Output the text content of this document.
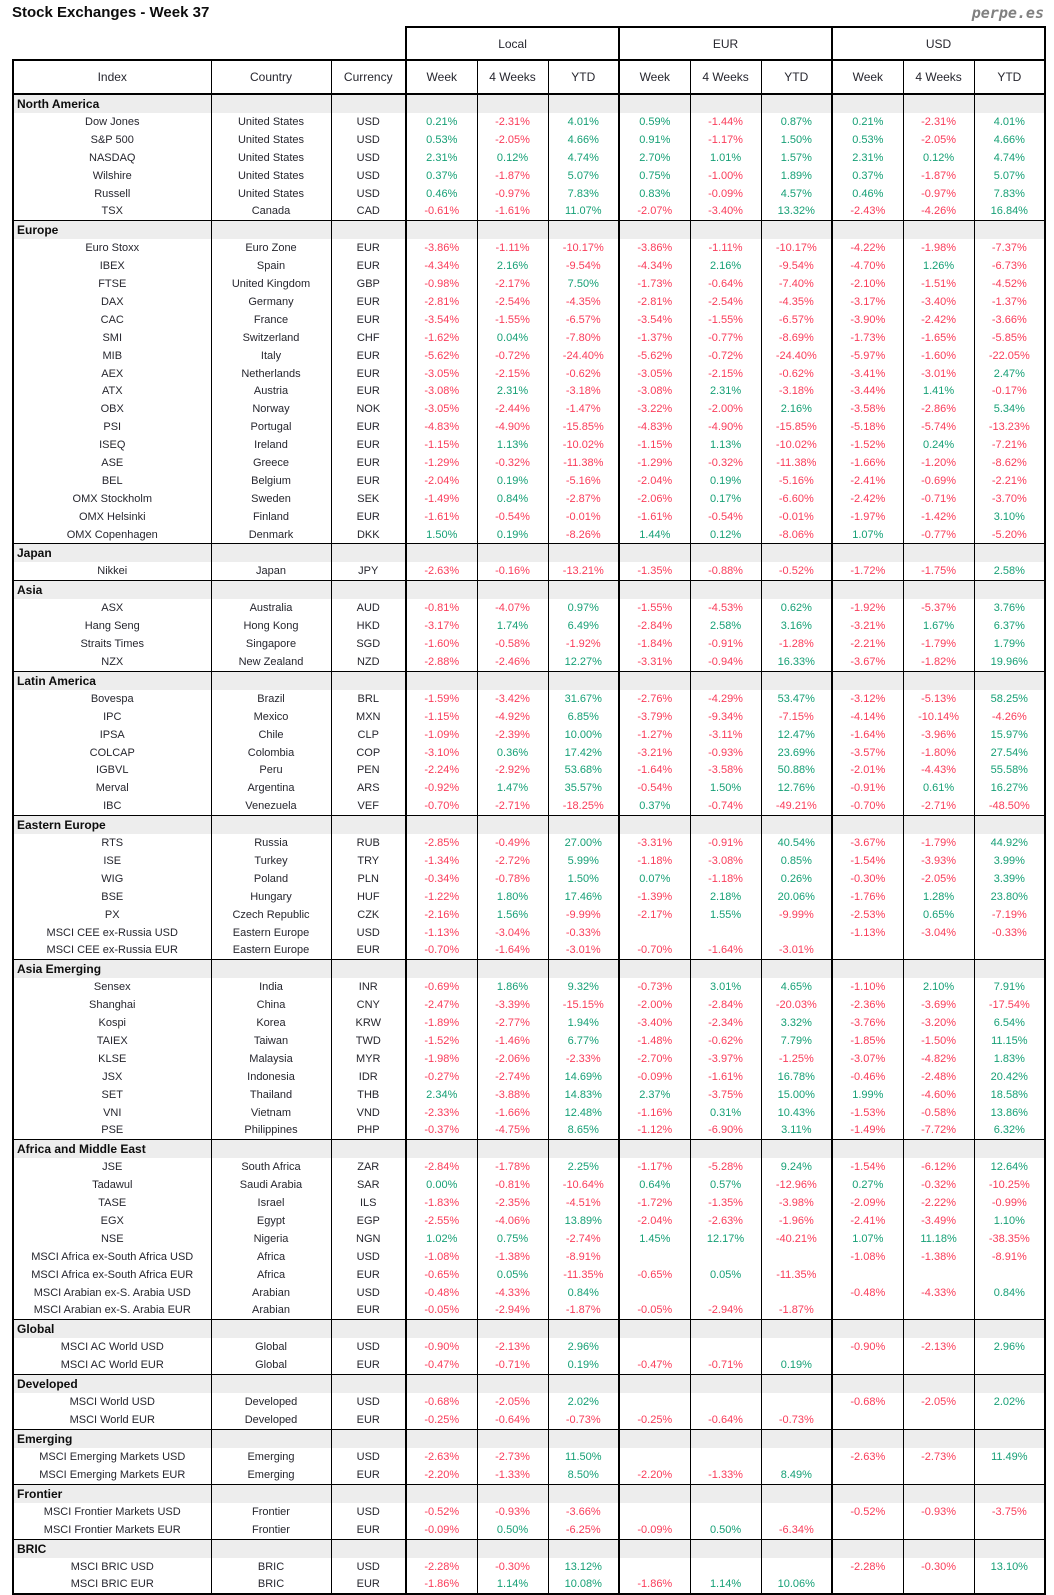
Stock Exchanges - Week 37	perpe.es
			Local			EUR			USD		
Index	Country	Currency	Week	4 Weeks	YTD	Week	4 Weeks	YTD	Week	4 Weeks	YTD
North America											
Dow Jones	United States	USD	0.21%	-2.31%	4.01%	0.59%	-1.44%	0.87%	0.21%	-2.31%	4.01%
S&P 500	United States	USD	0.53%	-2.05%	4.66%	0.91%	-1.17%	1.50%	0.53%	-2.05%	4.66%
NASDAQ	United States	USD	2.31%	0.12%	4.74%	2.70%	1.01%	1.57%	2.31%	0.12%	4.74%
Wilshire	United States	USD	0.37%	-1.87%	5.07%	0.75%	-1.00%	1.89%	0.37%	-1.87%	5.07%
Russell	United States	USD	0.46%	-0.97%	7.83%	0.83%	-0.09%	4.57%	0.46%	-0.97%	7.83%
TSX	Canada	CAD	-0.61%	-1.61%	11.07%	-2.07%	-3.40%	13.32%	-2.43%	-4.26%	16.84%
Europe											
Euro Stoxx	Euro Zone	EUR	-3.86%	-1.11%	-10.17%	-3.86%	-1.11%	-10.17%	-4.22%	-1.98%	-7.37%
IBEX	Spain	EUR	-4.34%	2.16%	-9.54%	-4.34%	2.16%	-9.54%	-4.70%	1.26%	-6.73%
FTSE	United Kingdom	GBP	-0.98%	-2.17%	7.50%	-1.73%	-0.64%	-7.40%	-2.10%	-1.51%	-4.52%
DAX	Germany	EUR	-2.81%	-2.54%	-4.35%	-2.81%	-2.54%	-4.35%	-3.17%	-3.40%	-1.37%
CAC	France	EUR	-3.54%	-1.55%	-6.57%	-3.54%	-1.55%	-6.57%	-3.90%	-2.42%	-3.66%
SMI	Switzerland	CHF	-1.62%	0.04%	-7.80%	-1.37%	-0.77%	-8.69%	-1.73%	-1.65%	-5.85%
MIB	Italy	EUR	-5.62%	-0.72%	-24.40%	-5.62%	-0.72%	-24.40%	-5.97%	-1.60%	-22.05%
AEX	Netherlands	EUR	-3.05%	-2.15%	-0.62%	-3.05%	-2.15%	-0.62%	-3.41%	-3.01%	2.47%
ATX	Austria	EUR	-3.08%	2.31%	-3.18%	-3.08%	2.31%	-3.18%	-3.44%	1.41%	-0.17%
OBX	Norway	NOK	-3.05%	-2.44%	-1.47%	-3.22%	-2.00%	2.16%	-3.58%	-2.86%	5.34%
PSI	Portugal	EUR	-4.83%	-4.90%	-15.85%	-4.83%	-4.90%	-15.85%	-5.18%	-5.74%	-13.23%
ISEQ	Ireland	EUR	-1.15%	1.13%	-10.02%	-1.15%	1.13%	-10.02%	-1.52%	0.24%	-7.21%
ASE	Greece	EUR	-1.29%	-0.32%	-11.38%	-1.29%	-0.32%	-11.38%	-1.66%	-1.20%	-8.62%
BEL	Belgium	EUR	-2.04%	0.19%	-5.16%	-2.04%	0.19%	-5.16%	-2.41%	-0.69%	-2.21%
OMX Stockholm	Sweden	SEK	-1.49%	0.84%	-2.87%	-2.06%	0.17%	-6.60%	-2.42%	-0.71%	-3.70%
OMX Helsinki	Finland	EUR	-1.61%	-0.54%	-0.01%	-1.61%	-0.54%	-0.01%	-1.97%	-1.42%	3.10%
OMX Copenhagen	Denmark	DKK	1.50%	0.19%	-8.26%	1.44%	0.12%	-8.06%	1.07%	-0.77%	-5.20%
Japan											
Nikkei	Japan	JPY	-2.63%	-0.16%	-13.21%	-1.35%	-0.88%	-0.52%	-1.72%	-1.75%	2.58%
Asia											
ASX	Australia	AUD	-0.81%	-4.07%	0.97%	-1.55%	-4.53%	0.62%	-1.92%	-5.37%	3.76%
Hang Seng	Hong Kong	HKD	-3.17%	1.74%	6.49%	-2.84%	2.58%	3.16%	-3.21%	1.67%	6.37%
Straits Times	Singapore	SGD	-1.60%	-0.58%	-1.92%	-1.84%	-0.91%	-1.28%	-2.21%	-1.79%	1.79%
NZX	New Zealand	NZD	-2.88%	-2.46%	12.27%	-3.31%	-0.94%	16.33%	-3.67%	-1.82%	19.96%
Latin America											
Bovespa	Brazil	BRL	-1.59%	-3.42%	31.67%	-2.76%	-4.29%	53.47%	-3.12%	-5.13%	58.25%
IPC	Mexico	MXN	-1.15%	-4.92%	6.85%	-3.79%	-9.34%	-7.15%	-4.14%	-10.14%	-4.26%
IPSA	Chile	CLP	-1.09%	-2.39%	10.00%	-1.27%	-3.11%	12.47%	-1.64%	-3.96%	15.97%
COLCAP	Colombia	COP	-3.10%	0.36%	17.42%	-3.21%	-0.93%	23.69%	-3.57%	-1.80%	27.54%
IGBVL	Peru	PEN	-2.24%	-2.92%	53.68%	-1.64%	-3.58%	50.88%	-2.01%	-4.43%	55.58%
Merval	Argentina	ARS	-0.92%	1.47%	35.57%	-0.54%	1.50%	12.76%	-0.91%	0.61%	16.27%
IBC	Venezuela	VEF	-0.70%	-2.71%	-18.25%	0.37%	-0.74%	-49.21%	-0.70%	-2.71%	-48.50%
Eastern Europe											
RTS	Russia	RUB	-2.85%	-0.49%	27.00%	-3.31%	-0.91%	40.54%	-3.67%	-1.79%	44.92%
ISE	Turkey	TRY	-1.34%	-2.72%	5.99%	-1.18%	-3.08%	0.85%	-1.54%	-3.93%	3.99%
WIG	Poland	PLN	-0.34%	-0.78%	1.50%	0.07%	-1.18%	0.26%	-0.30%	-2.05%	3.39%
BSE	Hungary	HUF	-1.22%	1.80%	17.46%	-1.39%	2.18%	20.06%	-1.76%	1.28%	23.80%
PX	Czech Republic	CZK	-2.16%	1.56%	-9.99%	-2.17%	1.55%	-9.99%	-2.53%	0.65%	-7.19%
MSCI CEE ex-Russia USD	Eastern Europe	USD	-1.13%	-3.04%	-0.33%				-1.13%	-3.04%	-0.33%
MSCI CEE ex-Russia EUR	Eastern Europe	EUR	-0.70%	-1.64%	-3.01%	-0.70%	-1.64%	-3.01%			
Asia Emerging											
Sensex	India	INR	-0.69%	1.86%	9.32%	-0.73%	3.01%	4.65%	-1.10%	2.10%	7.91%
Shanghai	China	CNY	-2.47%	-3.39%	-15.15%	-2.00%	-2.84%	-20.03%	-2.36%	-3.69%	-17.54%
Kospi	Korea	KRW	-1.89%	-2.77%	1.94%	-3.40%	-2.34%	3.32%	-3.76%	-3.20%	6.54%
TAIEX	Taiwan	TWD	-1.52%	-1.46%	6.77%	-1.48%	-0.62%	7.79%	-1.85%	-1.50%	11.15%
KLSE	Malaysia	MYR	-1.98%	-2.06%	-2.33%	-2.70%	-3.97%	-1.25%	-3.07%	-4.82%	1.83%
JSX	Indonesia	IDR	-0.27%	-2.74%	14.69%	-0.09%	-1.61%	16.78%	-0.46%	-2.48%	20.42%
SET	Thailand	THB	2.34%	-3.88%	14.83%	2.37%	-3.75%	15.00%	1.99%	-4.60%	18.58%
VNI	Vietnam	VND	-2.33%	-1.66%	12.48%	-1.16%	0.31%	10.43%	-1.53%	-0.58%	13.86%
PSE	Philippines	PHP	-0.37%	-4.75%	8.65%	-1.12%	-6.90%	3.11%	-1.49%	-7.72%	6.32%
Africa and Middle East											
JSE	South Africa	ZAR	-2.84%	-1.78%	2.25%	-1.17%	-5.28%	9.24%	-1.54%	-6.12%	12.64%
Tadawul	Saudi Arabia	SAR	0.00%	-0.81%	-10.64%	0.64%	0.57%	-12.96%	0.27%	-0.32%	-10.25%
TASE	Israel	ILS	-1.83%	-2.35%	-4.51%	-1.72%	-1.35%	-3.98%	-2.09%	-2.22%	-0.99%
EGX	Egypt	EGP	-2.55%	-4.06%	13.89%	-2.04%	-2.63%	-1.96%	-2.41%	-3.49%	1.10%
NSE	Nigeria	NGN	1.02%	0.75%	-2.74%	1.45%	12.17%	-40.21%	1.07%	11.18%	-38.35%
MSCI Africa ex-South Africa USD	Africa	USD	-1.08%	-1.38%	-8.91%				-1.08%	-1.38%	-8.91%
MSCI Africa ex-South Africa EUR	Africa	EUR	-0.65%	0.05%	-11.35%	-0.65%	0.05%	-11.35%			
MSCI Arabian ex-S. Arabia USD	Arabian	USD	-0.48%	-4.33%	0.84%				-0.48%	-4.33%	0.84%
MSCI Arabian ex-S. Arabia EUR	Arabian	EUR	-0.05%	-2.94%	-1.87%	-0.05%	-2.94%	-1.87%			
Global											
MSCI AC World USD	Global	USD	-0.90%	-2.13%	2.96%				-0.90%	-2.13%	2.96%
MSCI AC World EUR	Global	EUR	-0.47%	-0.71%	0.19%	-0.47%	-0.71%	0.19%			
Developed											
MSCI World USD	Developed	USD	-0.68%	-2.05%	2.02%				-0.68%	-2.05%	2.02%
MSCI World EUR	Developed	EUR	-0.25%	-0.64%	-0.73%	-0.25%	-0.64%	-0.73%			
Emerging											
MSCI Emerging Markets USD	Emerging	USD	-2.63%	-2.73%	11.50%				-2.63%	-2.73%	11.49%
MSCI Emerging Markets EUR	Emerging	EUR	-2.20%	-1.33%	8.50%	-2.20%	-1.33%	8.49%			
Frontier											
MSCI Frontier Markets USD	Frontier	USD	-0.52%	-0.93%	-3.66%				-0.52%	-0.93%	-3.75%
MSCI Frontier Markets EUR	Frontier	EUR	-0.09%	0.50%	-6.25%	-0.09%	0.50%	-6.34%			
BRIC											
MSCI BRIC USD	BRIC	USD	-2.28%	-0.30%	13.12%				-2.28%	-0.30%	13.10%
MSCI BRIC EUR	BRIC	EUR	-1.86%	1.14%	10.08%	-1.86%	1.14%	10.06%			
